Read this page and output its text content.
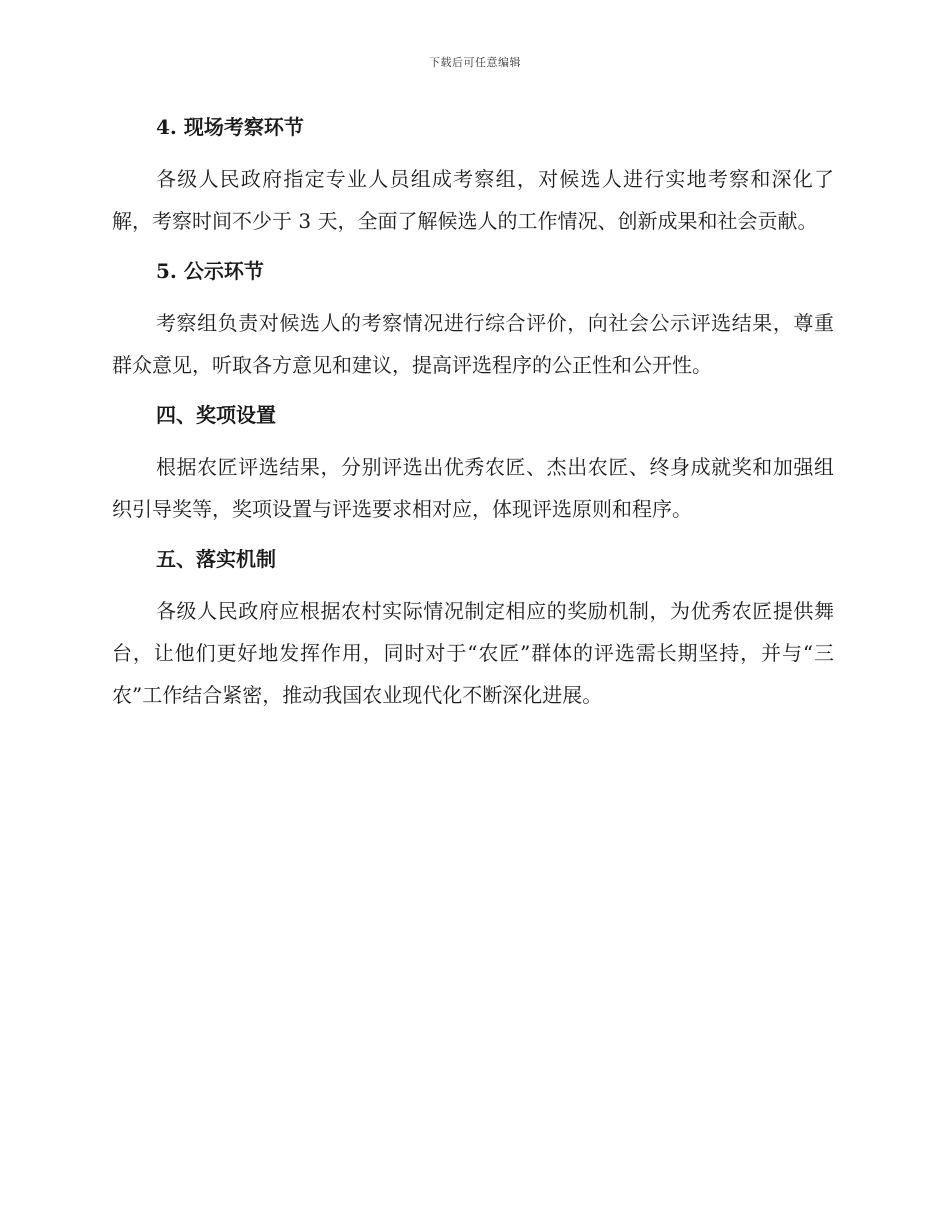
下载后可任意编辑
4. 现场考察环节

各级人民政府指定专业人员组成考察组，对候选人进行实地考察和深化了解，考察时间不少于 3 天，全面了解候选人的工作情况、创新成果和社会贡献。

5. 公示环节

考察组负责对候选人的考察情况进行综合评价，向社会公示评选结果，尊重群众意见，听取各方意见和建议，提高评选程序的公正性和公开性。

四、奖项设置

根据农匠评选结果，分别评选出优秀农匠、杰出农匠、终身成就奖和加强组织引导奖等，奖项设置与评选要求相对应，体现评选原则和程序。

五、落实机制

各级人民政府应根据农村实际情况制定相应的奖励机制，为优秀农匠提供舞台，让他们更好地发挥作用，同时对于“农匠”群体的评选需长期坚持，并与“三农”工作结合紧密，推动我国农业现代化不断深化进展。
